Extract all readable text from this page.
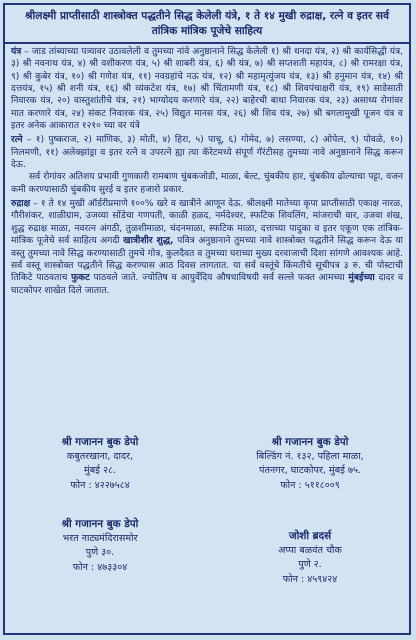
श्रीलक्ष्मी प्राप्तीसाठी शास्त्रोक्त पद्धतीने सिद्ध केलेली यंत्रे, १ ते १४ मुखी रुद्राक्ष, रत्ने व इतर सर्व तांत्रिक मांत्रिक पूजेचे साहित्य

यंत्र – जाड तांब्याच्या पत्र्यावर उठावलेली व तुमच्या नांवे अनुष्ठानाने सिद्ध केलेली १) श्री धनदा यंत्र, २) श्री कार्यसिद्धी यंत्र, ३) श्री नवनाथ यंत्र, ४) श्री वशीकरण यंत्र, ५) श्री शाबरी यंत्र, ६) श्री यंत्र, ७) श्री सप्तशती महायंत्र, ८) श्री रामरक्षा यंत्र, ९) श्री कुबेर यंत्र, १०) श्री गणेश यंत्र, ११) नवग्रहांचे नऊ यंत्र, १२) श्री महामृत्युंजय यंत्र, १३) श्री हनुमान यंत्र, १४) श्री दत्तयंत्र, १५) श्री शनी यंत्र, १६) श्री व्यंकटेश यंत्र, १७) श्री चिंतामणी यंत्र, १८) श्री शिवपंचाक्षरी यंत्र, १९) साडेसाती निवारक यंत्र, २०) वास्तुशांतीचे यंत्र, २१) भाग्योदय करणारे यंत्र, २२) बाहेरची बाधा निवारक यंत्र, २३) असाध्य रोगांवर मात करणारे यंत्र, २४) संकट निवारक यंत्र, २५) विद्युत मानस यंत्र, २६) श्री शिव यंत्र, २७) श्री बगलामुखी पूजन यंत्र व इतर अनेक आकारात १२१० च्या वर यंत्रे

रत्ने – १) पुष्कराज, २) माणिक, ३) मोती, ४) हिरा, ५) पाचू, ६) गोमेद, ७) लसण्या, ८) ओपेल, ९) पोवळे, १०) निलमणी, ११) अलेक्झांड्रा व इतर रत्ने व उपरत्ने ह्या त्या कॅरेटमध्ये संपूर्ण गॅरंटीसह तुमच्या नावे अनुष्ठानाने सिद्ध करून देऊ.

सर्व रोगांवर अतिशय प्रभावी गुणकारी रामबाण चुंबकजोडी, माळा, बेल्ट, चुंबकीय हार, चुंबकीय ढोल्याचा पट्टा, वजन कमी करण्यासाठी चुंबकीय सुरई व इतर हजारो प्रकार.

रुद्राक्ष – १ ते १४ मुखी ऑर्डरीप्रमाणे १००% खरे व खात्रीने आणून देऊ. श्रीलक्ष्मी मातेच्या कृपा प्राप्तीसाठी एकाक्ष नारळ, गौरीशंकर, शाळीग्राम, उजव्या सोंडेचा गणपती, काळी हळद, नर्मदेश्वर, स्फटिक शिवलिंग, मांजराची वार, उजवा शंख, शुद्ध रुद्राक्ष माळा, नवरत्न अंगठी, तुळशीमाळा, चंदनमाळा, स्फटिक माळा, दत्ताच्या पादुका व इतर एकूण एक तांत्रिक-मांत्रिक पूजेचे सर्व साहित्य अगदी खात्रीशीर शुद्ध, पवित्र अनुष्ठानाने तुमच्या नावे शास्त्रोक्त पद्धतीने सिद्ध करून देऊ या वस्तु तुमच्या नावे सिद्ध करण्यासाठी तुमचे गोत्र, कुलदैवत व तुमच्या घराच्या मुख्य दरवाजाची दिशा सांगणे आवश्यक आहे. सर्व वस्तू शास्त्रोक्त पद्धतीने सिद्ध करण्यास आठ दिवस लागतात. या सर्व वस्तूंचे किंमतीचे सूचीपत्र ३ रु. ची पोस्टाची तिकिटे पाठवताच फुकट पाठवले जाते. ज्योतिष व आयुर्वेदिय औषधाविषयी सर्व सल्ले फक्त आमच्या मुंबईच्या दादर व घाटकोपर शाखेत दिले जातात.

श्री गजानन बुक डेपो
कबुतरखाना, दादर,
मुंबई २८.
फोन : ४२२७५८४
श्री गजानन बुक डेपो
बिल्डिंग नं. १३२, पहिला माळा,
पंतनगर, घाटकोपर, मुंबई ७५.
फोन : ५११८००९
श्री गजानन बुक डेपो
भरत नाट्यमंदिरासमोर
पुणे ३०.
फोन : ४७३३०४
जोशी ब्रदर्स
अप्पा बळवंत चौक
पुणे २.
फोन : ४५९४२४
